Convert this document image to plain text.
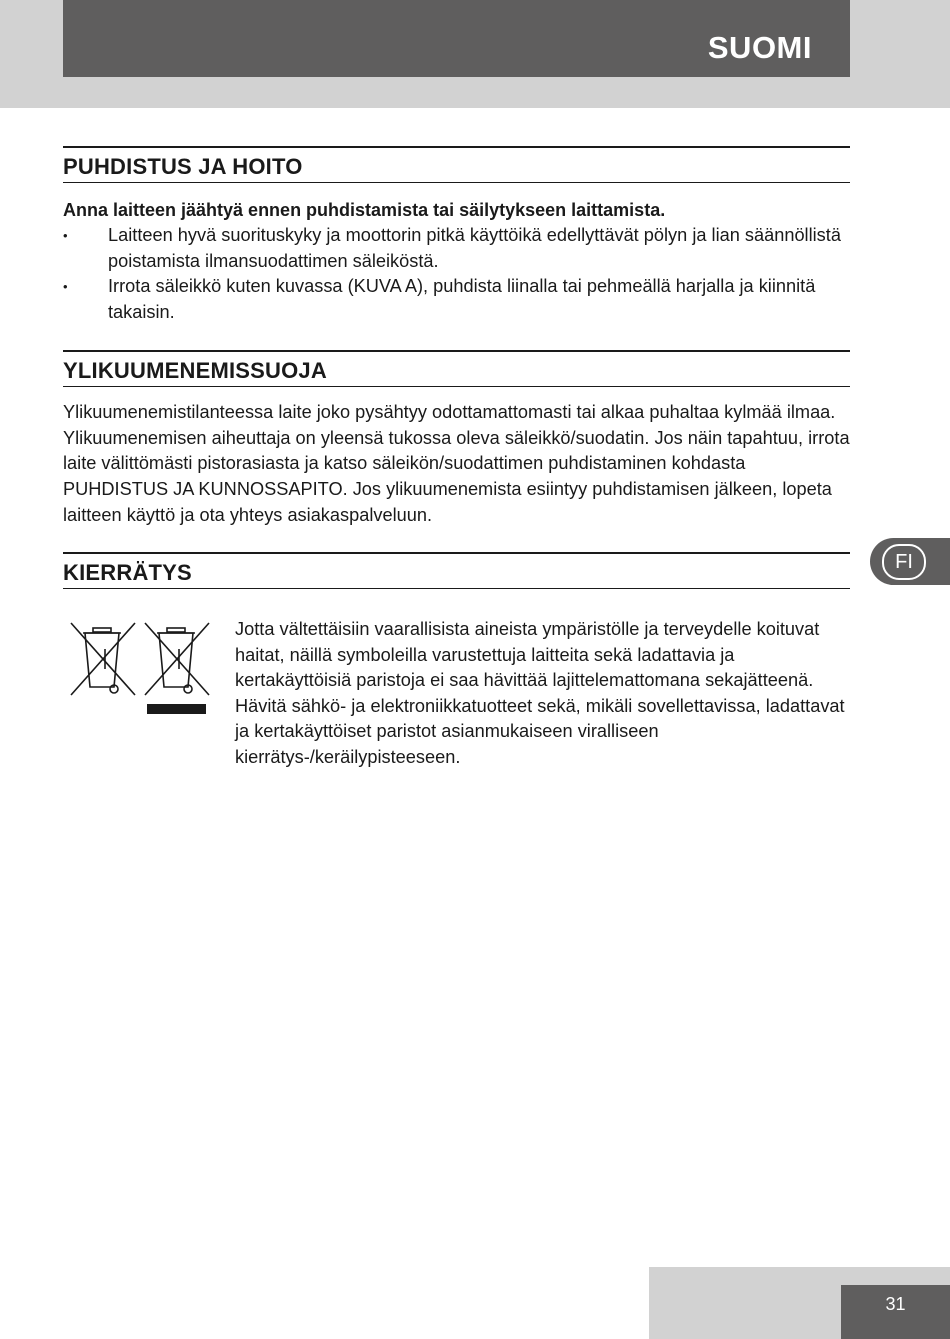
SUOMI
PUHDISTUS JA HOITO
Anna laitteen jäähtyä ennen puhdistamista tai säilytykseen laittamista.
• Laitteen hyvä suorituskyky ja moottorin pitkä käyttöikä edellyttävät pölyn ja lian säännöllistä poistamista ilmansuodattimen säleiköstä.
• Irrota säleikkö kuten kuvassa (KUVA A), puhdista liinalla tai pehmeällä harjalla ja kiinnitä takaisin.
YLIKUUMENEMISSUOJA
Ylikuumenemistilanteessa laite joko pysähtyy odottamattomasti tai alkaa puhaltaa kylmää ilmaa. Ylikuumenemisen aiheuttaja on yleensä tukossa oleva säleikkö/suodatin. Jos näin tapahtuu, irrota laite välittömästi pistorasiasta ja katso säleikön/suodattimen puhdistaminen kohdasta PUHDISTUS JA KUNNOSSAPITO. Jos ylikuumenemista esiintyy puhdistamisen jälkeen, lopeta laitteen käyttö ja ota yhteys asiakaspalveluun.
KIERRÄTYS
Jotta vältettäisiin vaarallisista aineista ympäristölle ja terveydelle koituvat haitat, näillä symboleilla varustettuja laitteita sekä ladattavia ja kertakäyttöisiä paristoja ei saa hävittää lajittelemattomana sekajätteenä. Hävitä sähkö- ja elektroniikkatuotteet sekä, mikäli sovellettavissa, ladattavat ja kertakäyttöiset paristot asianmukaiseen viralliseen kierrätys-/keräilypisteeseen.
FI
31
